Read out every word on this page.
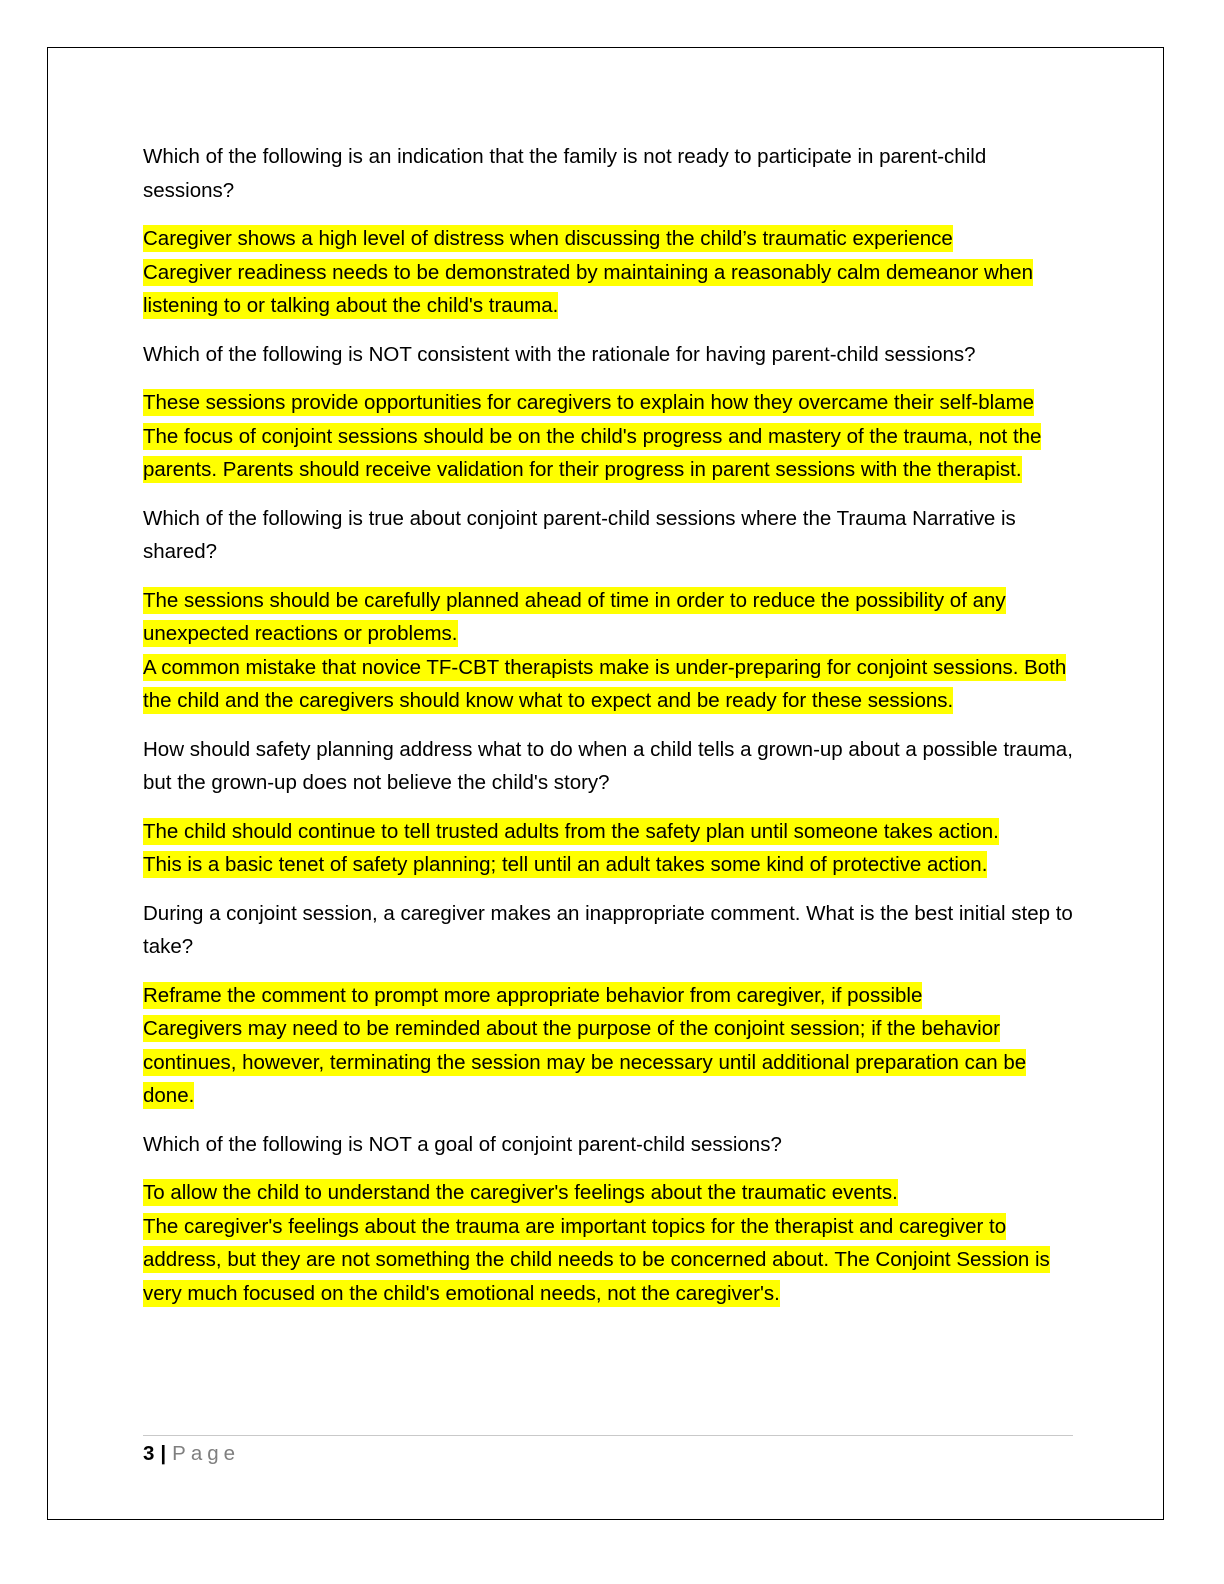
Which of the following is an indication that the family is not ready to participate in parent-child sessions?

Caregiver shows a high level of distress when discussing the child’s traumatic experience
Caregiver readiness needs to be demonstrated by maintaining a reasonably calm demeanor when listening to or talking about the child's trauma.

Which of the following is NOT consistent with the rationale for having parent-child sessions?

These sessions provide opportunities for caregivers to explain how they overcame their self-blame
The focus of conjoint sessions should be on the child's progress and mastery of the trauma, not the parents. Parents should receive validation for their progress in parent sessions with the therapist.

Which of the following is true about conjoint parent-child sessions where the Trauma Narrative is shared?

The sessions should be carefully planned ahead of time in order to reduce the possibility of any unexpected reactions or problems.
A common mistake that novice TF-CBT therapists make is under-preparing for conjoint sessions. Both the child and the caregivers should know what to expect and be ready for these sessions.

How should safety planning address what to do when a child tells a grown-up about a possible trauma, but the grown-up does not believe the child's story?

The child should continue to tell trusted adults from the safety plan until someone takes action.
This is a basic tenet of safety planning; tell until an adult takes some kind of protective action.

During a conjoint session, a caregiver makes an inappropriate comment. What is the best initial step to take?

Reframe the comment to prompt more appropriate behavior from caregiver, if possible
Caregivers may need to be reminded about the purpose of the conjoint session; if the behavior continues, however, terminating the session may be necessary until additional preparation can be done.

Which of the following is NOT a goal of conjoint parent-child sessions?

To allow the child to understand the caregiver's feelings about the traumatic events.
The caregiver's feelings about the trauma are important topics for the therapist and caregiver to address, but they are not something the child needs to be concerned about. The Conjoint Session is very much focused on the child's emotional needs, not the caregiver's.

3 | Page
